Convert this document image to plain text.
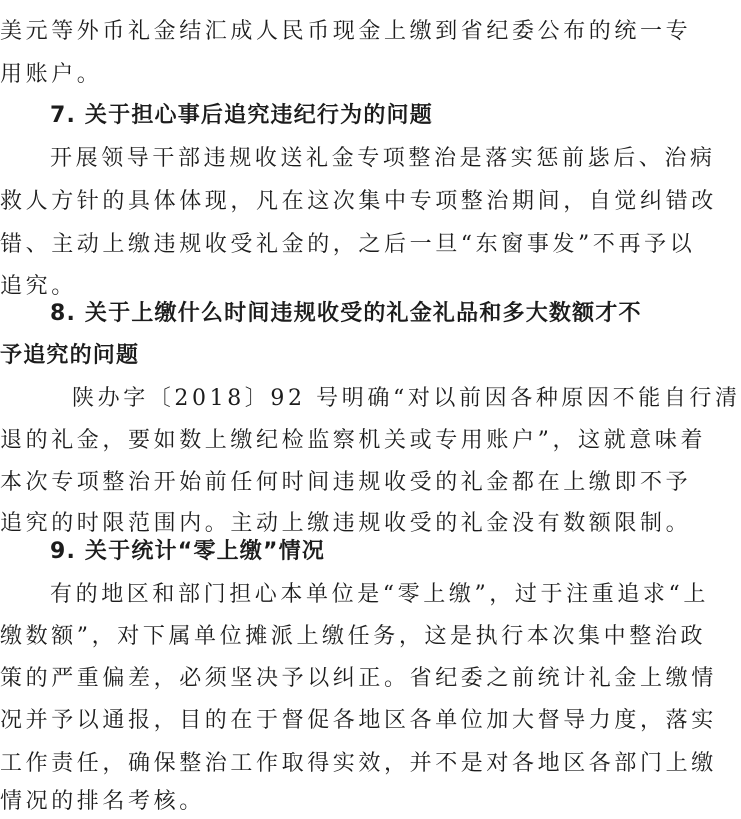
美元等外币礼金结汇成人民币现金上缴到省纪委公布的统一专
用账户。
7. 关于担心事后追究违纪行为的问题
开展领导干部违规收送礼金专项整治是落实惩前毖后、治病
救人方针的具体体现，凡在这次集中专项整治期间，自觉纠错改
错、主动上缴违规收受礼金的，之后一旦“东窗事发”不再予以
追究。
8. 关于上缴什么时间违规收受的礼金礼品和多大数额才不
予追究的问题
陕办字〔2018〕92 号明确“对以前因各种原因不能自行清
退的礼金，要如数上缴纪检监察机关或专用账户”，这就意味着
本次专项整治开始前任何时间违规收受的礼金都在上缴即不予
追究的时限范围内。主动上缴违规收受的礼金没有数额限制。
9. 关于统计“零上缴”情况
有的地区和部门担心本单位是“零上缴”，过于注重追求“上
缴数额”，对下属单位摊派上缴任务，这是执行本次集中整治政
策的严重偏差，必须坚决予以纠正。省纪委之前统计礼金上缴情
况并予以通报，目的在于督促各地区各单位加大督导力度，落实
工作责任，确保整治工作取得实效，并不是对各地区各部门上缴
情况的排名考核。
